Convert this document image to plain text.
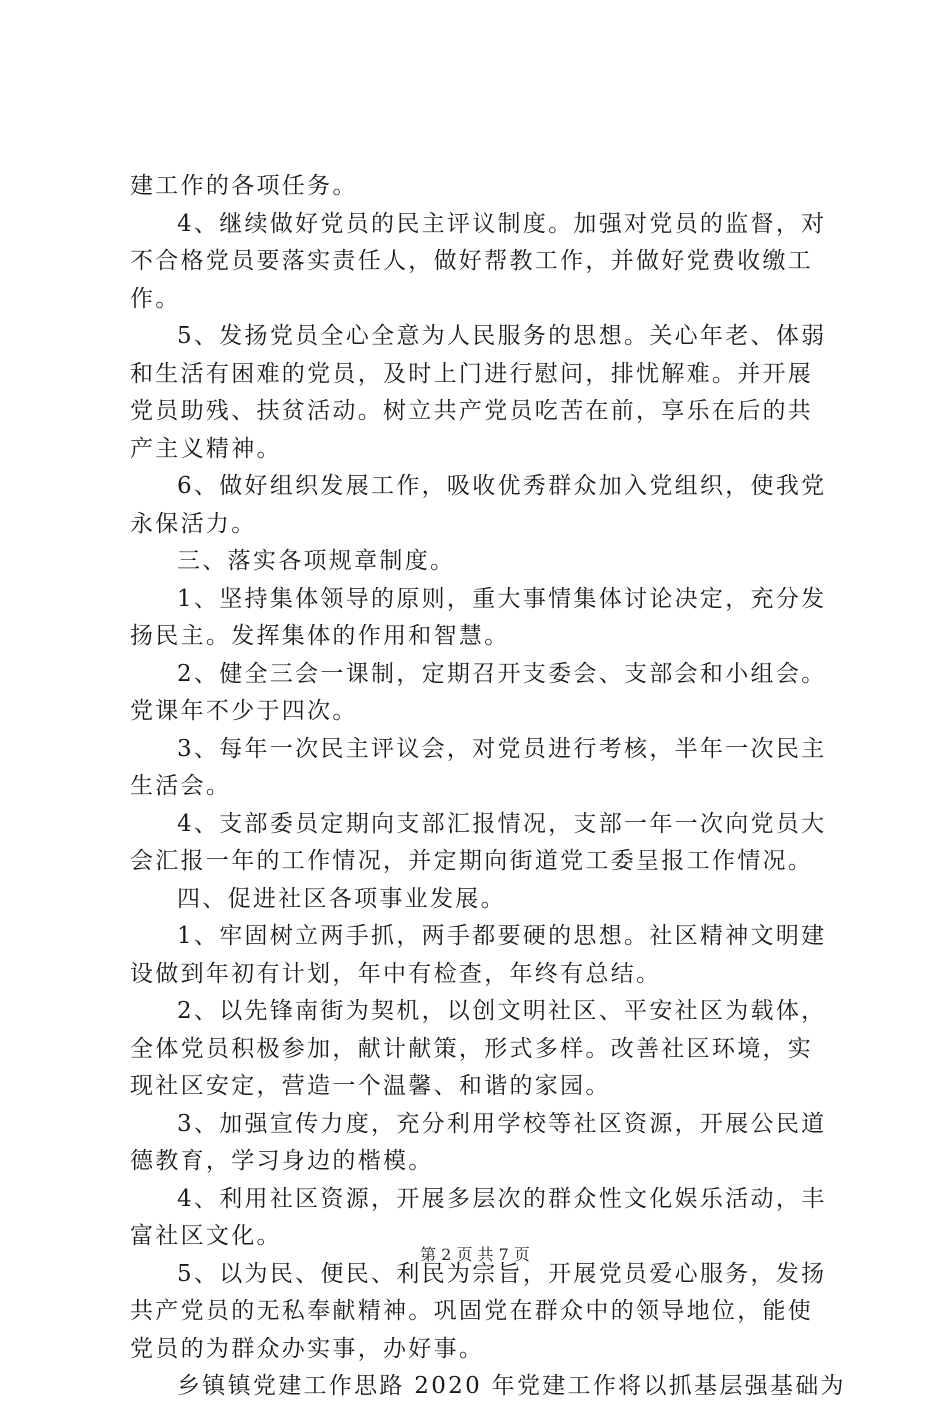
建工作的各项任务。
4、继续做好党员的民主评议制度。加强对党员的监督，对
不合格党员要落实责任人，做好帮教工作，并做好党费收缴工
作。
5、发扬党员全心全意为人民服务的思想。关心年老、体弱
和生活有困难的党员，及时上门进行慰问，排忧解难。并开展
党员助残、扶贫活动。树立共产党员吃苦在前，享乐在后的共
产主义精神。
6、做好组织发展工作，吸收优秀群众加入党组织，使我党
永保活力。
三、落实各项规章制度。
1、坚持集体领导的原则，重大事情集体讨论决定，充分发
扬民主。发挥集体的作用和智慧。
2、健全三会一课制，定期召开支委会、支部会和小组会。
党课年不少于四次。
3、每年一次民主评议会，对党员进行考核，半年一次民主
生活会。
4、支部委员定期向支部汇报情况，支部一年一次向党员大
会汇报一年的工作情况，并定期向街道党工委呈报工作情况。
四、促进社区各项事业发展。
1、牢固树立两手抓，两手都要硬的思想。社区精神文明建
设做到年初有计划，年中有检查，年终有总结。
2、以先锋南街为契机，以创文明社区、平安社区为载体，
全体党员积极参加，献计献策，形式多样。改善社区环境，实
现社区安定，营造一个温馨、和谐的家园。
3、加强宣传力度，充分利用学校等社区资源，开展公民道
德教育，学习身边的楷模。
4、利用社区资源，开展多层次的群众性文化娱乐活动，丰
富社区文化。
5、以为民、便民、利民为宗旨，开展党员爱心服务，发扬
共产党员的无私奉献精神。巩固党在群众中的领导地位，能使
党员的为群众办实事，办好事。
乡镇镇党建工作思路 2020 年党建工作将以抓基层强基础为
第 2 页 共 7 页
